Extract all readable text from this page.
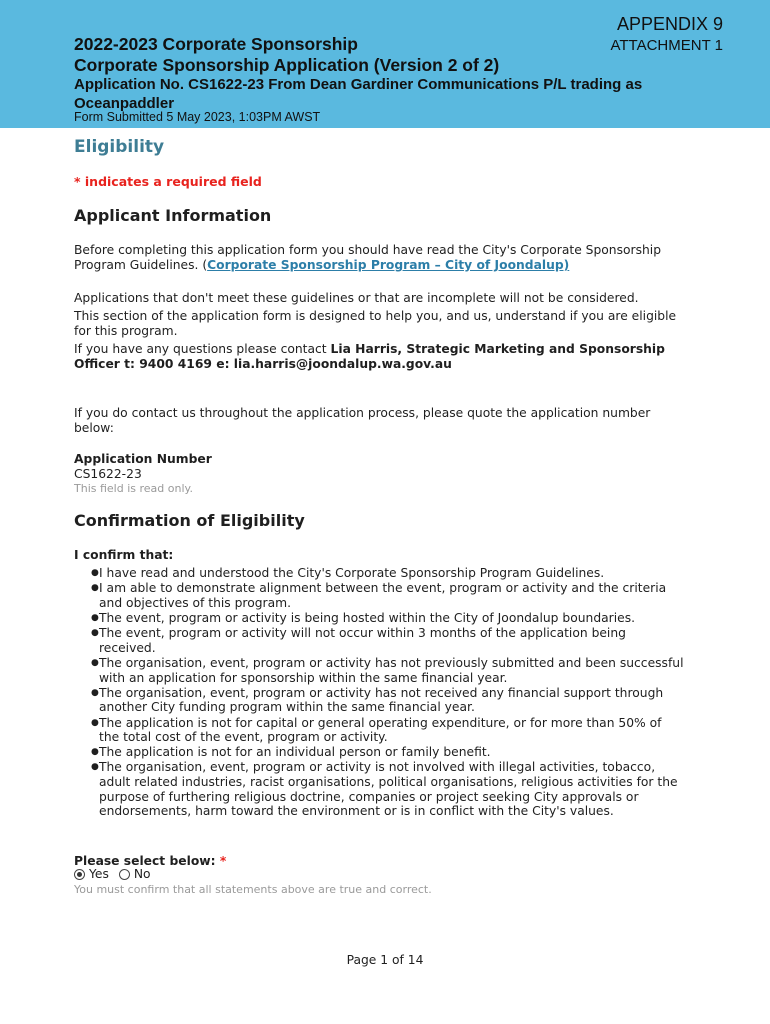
APPENDIX 9
ATTACHMENT 1
2022-2023 Corporate Sponsorship
Corporate Sponsorship Application (Version 2 of 2)
Application No. CS1622-23 From Dean Gardiner Communications P/L trading as Oceanpaddler
Form Submitted 5 May 2023, 1:03PM AWST
Eligibility
* indicates a required field
Applicant Information
Before completing this application form you should have read the City's Corporate Sponsorship Program Guidelines. (Corporate Sponsorship Program – City of Joondalup)
Applications that don't meet these guidelines or that are incomplete will not be considered.
This section of the application form is designed to help you, and us, understand if you are eligible for this program.
If you have any questions please contact Lia Harris, Strategic Marketing and Sponsorship Officer t: 9400 4169 e: lia.harris@joondalup.wa.gov.au
If you do contact us throughout the application process, please quote the application number below:
Application Number
CS1622-23
This field is read only.
Confirmation of Eligibility
I confirm that:
● I have read and understood the City's Corporate Sponsorship Program Guidelines.
● I am able to demonstrate alignment between the event, program or activity and the criteria and objectives of this program.
● The event, program or activity is being hosted within the City of Joondalup boundaries.
● The event, program or activity will not occur within 3 months of the application being received.
● The organisation, event, program or activity has not previously submitted and been successful with an application for sponsorship within the same financial year.
● The organisation, event, program or activity has not received any financial support through another City funding program within the same financial year.
● The application is not for capital or general operating expenditure, or for more than 50% of the total cost of the event, program or activity.
● The application is not for an individual person or family benefit.
● The organisation, event, program or activity is not involved with illegal activities, tobacco, adult related industries, racist organisations, political organisations, religious activities for the purpose of furthering religious doctrine, companies or project seeking City approvals or endorsements, harm toward the environment or is in conflict with the City's values.
Please select below: *
Yes No
You must confirm that all statements above are true and correct.
Page 1 of 14
